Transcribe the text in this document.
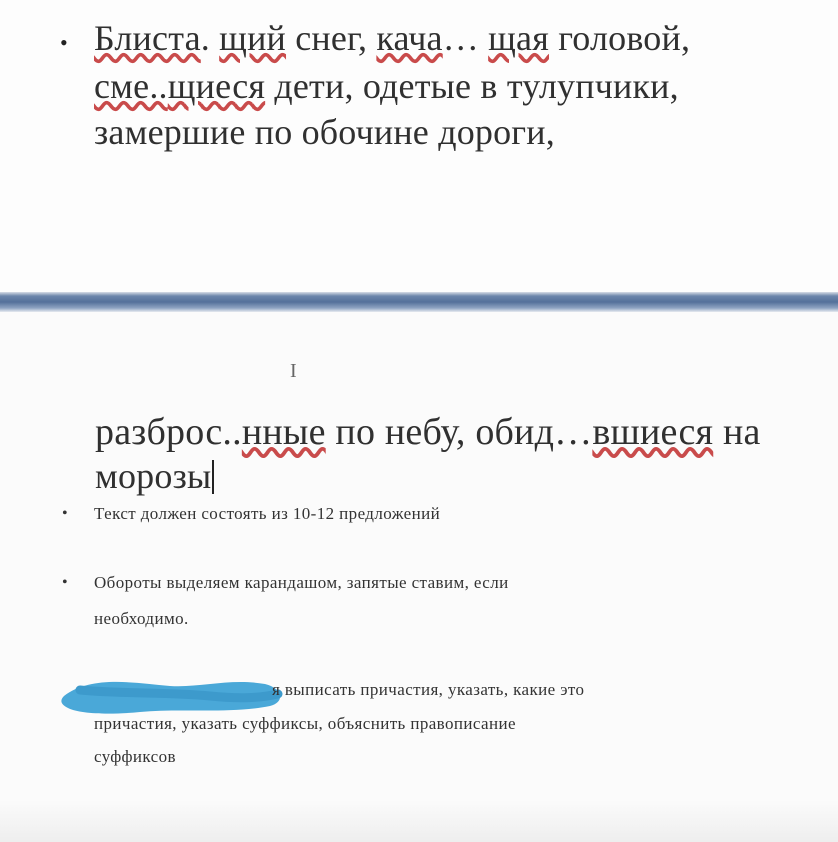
• Блиста. щий снег, кача… щая головой,
сме..щиеся дети, одетые в тулупчики,
замершие по обочине дороги,
I
разброс..нные по небу, обид…вшиеся на
морозы
• Текст должен состоять из 10-12 предложений
• Обороты выделяем карандашом, запятые ставим, если
необходимо.
я выписать причастия, указать, какие это
причастия, указать суффиксы, объяснить правописание
суффиксов
